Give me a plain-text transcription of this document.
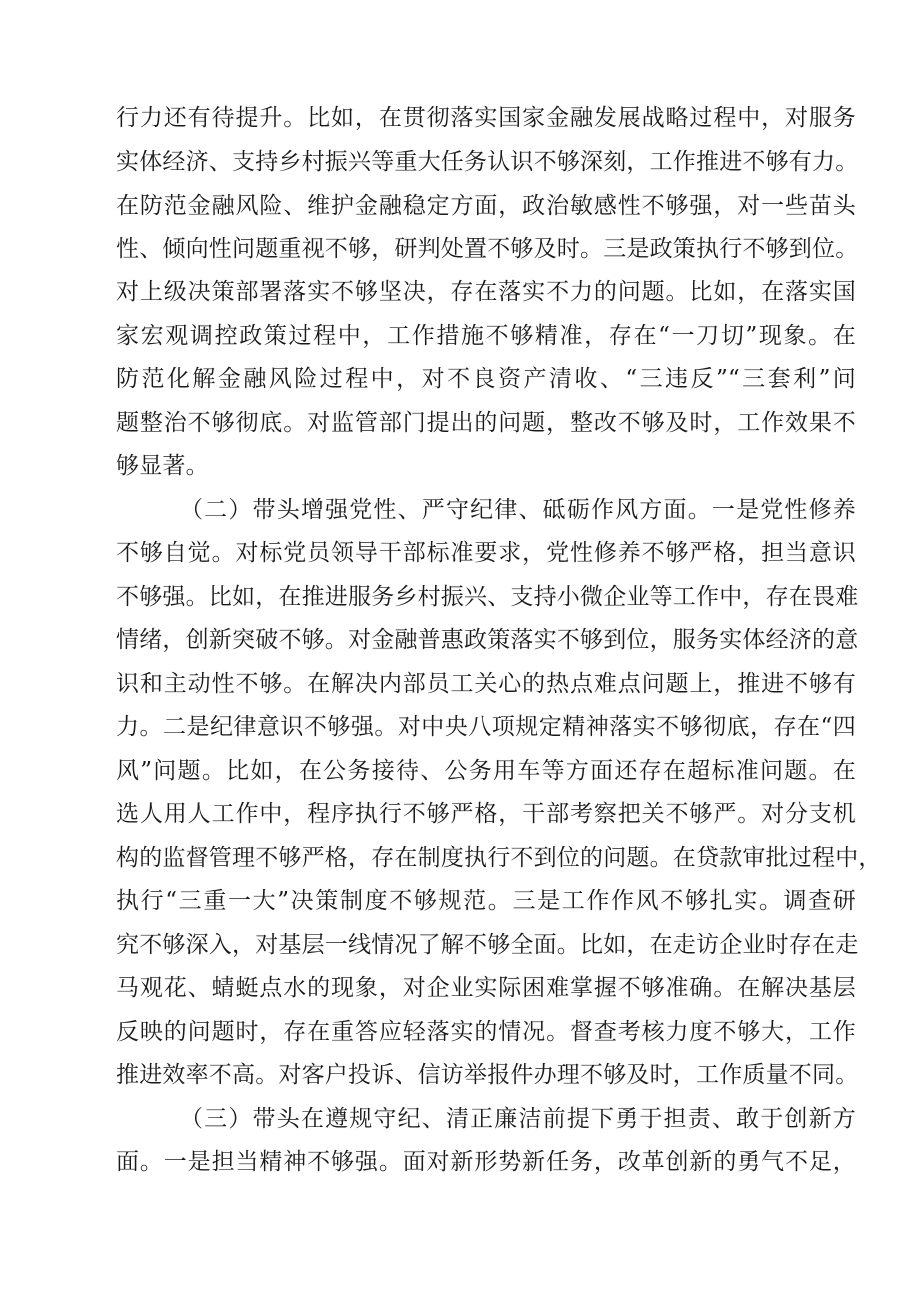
行力还有待提升。比如，在贯彻落实国家金融发展战略过程中，对服务
实体经济、支持乡村振兴等重大任务认识不够深刻，工作推进不够有力。
在防范金融风险、维护金融稳定方面，政治敏感性不够强，对一些苗头
性、倾向性问题重视不够，研判处置不够及时。三是政策执行不够到位。
对上级决策部署落实不够坚决，存在落实不力的问题。比如，在落实国
家宏观调控政策过程中，工作措施不够精准，存在“一刀切”现象。在
防范化解金融风险过程中，对不良资产清收、“三违反”“三套利”问
题整治不够彻底。对监管部门提出的问题，整改不够及时，工作效果不
够显著。
（二）带头增强党性、严守纪律、砥砺作风方面。一是党性修养
不够自觉。对标党员领导干部标准要求，党性修养不够严格，担当意识
不够强。比如，在推进服务乡村振兴、支持小微企业等工作中，存在畏难
情绪，创新突破不够。对金融普惠政策落实不够到位，服务实体经济的意
识和主动性不够。在解决内部员工关心的热点难点问题上，推进不够有
力。二是纪律意识不够强。对中央八项规定精神落实不够彻底，存在“四
风”问题。比如，在公务接待、公务用车等方面还存在超标准问题。在
选人用人工作中，程序执行不够严格，干部考察把关不够严。对分支机
构的监督管理不够严格，存在制度执行不到位的问题。在贷款审批过程中，
执行“三重一大”决策制度不够规范。三是工作作风不够扎实。调查研
究不够深入，对基层一线情况了解不够全面。比如，在走访企业时存在走
马观花、蜻蜓点水的现象，对企业实际困难掌握不够准确。在解决基层
反映的问题时，存在重答应轻落实的情况。督查考核力度不够大，工作
推进效率不高。对客户投诉、信访举报件办理不够及时，工作质量不同。
（三）带头在遵规守纪、清正廉洁前提下勇于担责、敢于创新方
面。一是担当精神不够强。面对新形势新任务，改革创新的勇气不足，
